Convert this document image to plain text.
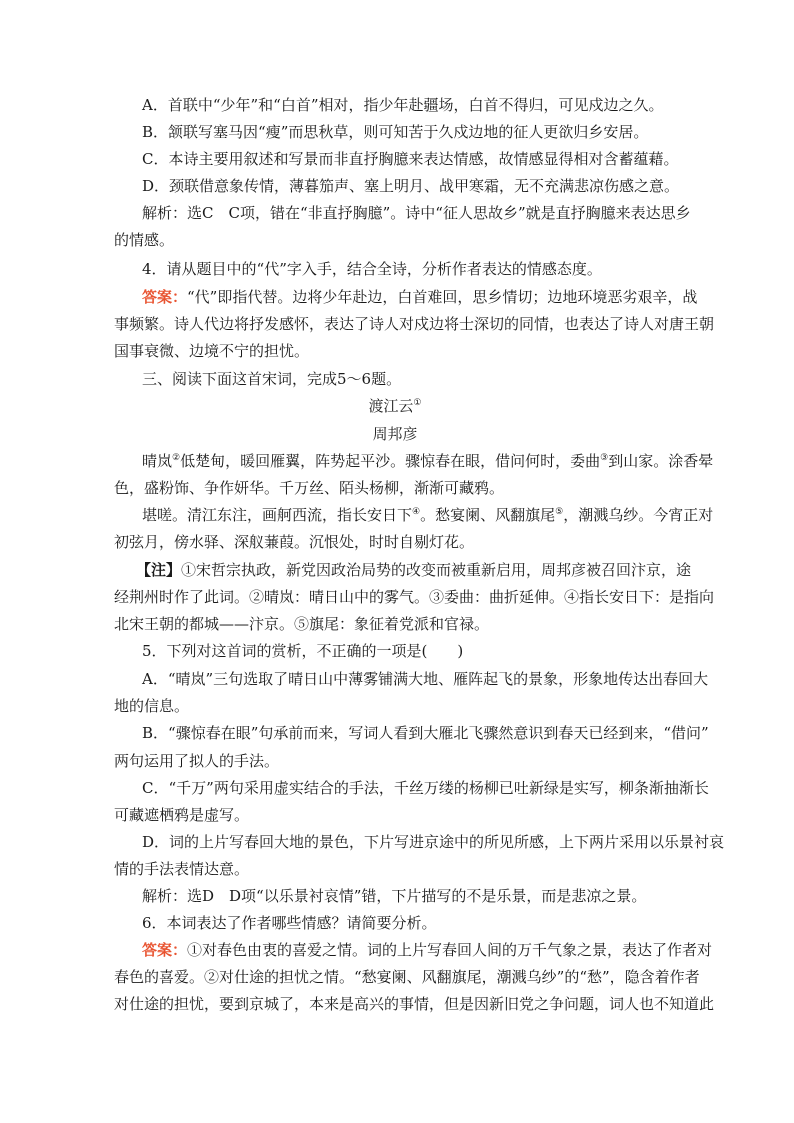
A．首联中“少年”和“白首”相对，指少年赴疆场，白首不得归，可见戍边之久。
B．颔联写塞马因“瘦”而思秋草，则可知苦于久戍边地的征人更欲归乡安居。
C．本诗主要用叙述和写景而非直抒胸臆来表达情感，故情感显得相对含蓄蕴藉。
D．颈联借意象传情，薄暮笳声、塞上明月、战甲寒霜，无不充满悲凉伤感之意。
解析：选C　C项，错在“非直抒胸臆”。诗中“征人思故乡”就是直抒胸臆来表达思乡
的情感。
4．请从题目中的“代”字入手，结合全诗，分析作者表达的情感态度。
答案：“代”即指代替。边将少年赴边，白首难回，思乡情切；边地环境恶劣艰辛，战
事频繁。诗人代边将抒发感怀，表达了诗人对戍边将士深切的同情，也表达了诗人对唐王朝
国事衰微、边境不宁的担忧。
三、阅读下面这首宋词，完成5～6题。
渡江云①
周邦彦
晴岚②低楚甸，暖回雁翼，阵势起平沙。骤惊春在眼，借问何时，委曲③到山家。涂香晕
色，盛粉饰、争作妍华。千万丝、陌头杨柳，渐渐可藏鸦。
堪嗟。清江东注，画舸西流，指长安日下④。愁宴阑、风翻旗尾⑤，潮溅乌纱。今宵正对
初弦月，傍水驿、深舣蒹葭。沉恨处，时时自剔灯花。
【注】①宋哲宗执政，新党因政治局势的改变而被重新启用，周邦彦被召回汴京，途
经荆州时作了此词。②晴岚：晴日山中的雾气。③委曲：曲折延伸。④指长安日下：是指向
北宋王朝的都城——汴京。⑤旗尾：象征着党派和官禄。
5．下列对这首词的赏析，不正确的一项是(　　)
A．“晴岚”三句选取了晴日山中薄雾铺满大地、雁阵起飞的景象，形象地传达出春回大
地的信息。
B．“骤惊春在眼”句承前而来，写词人看到大雁北飞骤然意识到春天已经到来，“借问”
两句运用了拟人的手法。
C．“千万”两句采用虚实结合的手法，千丝万缕的杨柳已吐新绿是实写，柳条渐抽渐长
可藏遮栖鸦是虚写。
D．词的上片写春回大地的景色，下片写进京途中的所见所感，上下两片采用以乐景衬哀
情的手法表情达意。
解析：选D　D项“以乐景衬哀情”错，下片描写的不是乐景，而是悲凉之景。
6．本词表达了作者哪些情感？请简要分析。
答案：①对春色由衷的喜爱之情。词的上片写春回人间的万千气象之景，表达了作者对
春色的喜爱。②对仕途的担忧之情。“愁宴阑、风翻旗尾，潮溅乌纱”的“愁”，隐含着作者
对仕途的担忧，要到京城了，本来是高兴的事情，但是因新旧党之争问题，词人也不知道此
